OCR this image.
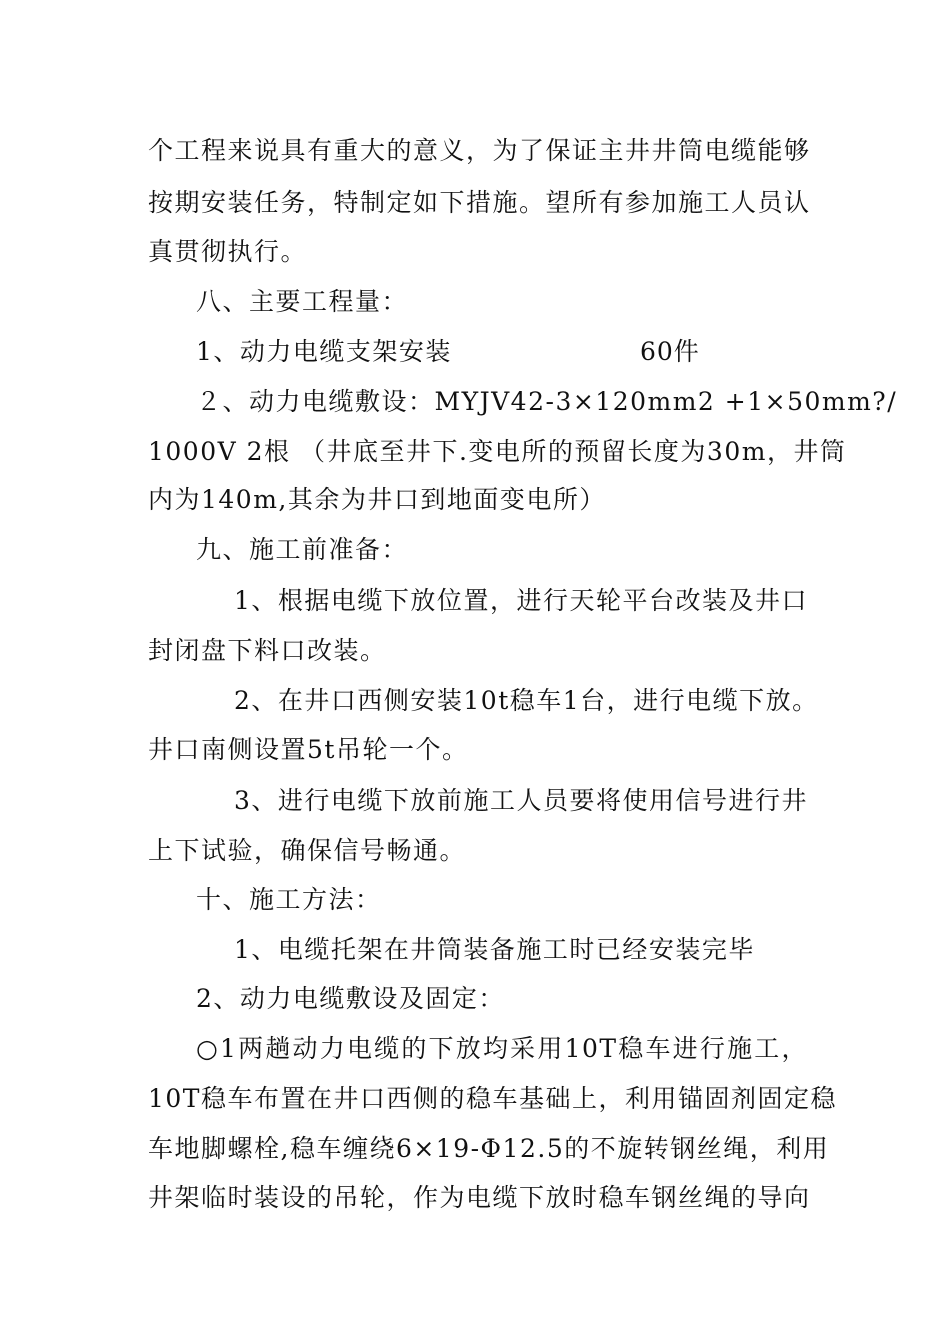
个工程来说具有重大的意义，为了保证主井井筒电缆能够
按期安装任务，特制定如下措施。望所有参加施工人员认
真贯彻执行。
八、主要工程量：
1、动力电缆支架安装	60件
２、动力电缆敷设：MYJV42-3×120mm2 +1×50mm?/
1000V 2根 （井底至井下.变电所的预留长度为30m，井筒
内为140m,其余为井口到地面变电所）
九、施工前准备：
1、根据电缆下放位置，进行天轮平台改装及井口
封闭盘下料口改装。
2、在井口西侧安装10t稳车1台，进行电缆下放。
井口南侧设置5t吊轮一个。
3、进行电缆下放前施工人员要将使用信号进行井
上下试验，确保信号畅通。
十、施工方法：
1、电缆托架在井筒装备施工时已经安装完毕
2、动力电缆敷设及固定：
○1两趟动力电缆的下放均采用10T稳车进行施工，
10T稳车布置在井口西侧的稳车基础上，利用锚固剂固定稳
车地脚螺栓,稳车缠绕6×19-Φ12.5的不旋转钢丝绳，利用
井架临时装设的吊轮，作为电缆下放时稳车钢丝绳的导向
